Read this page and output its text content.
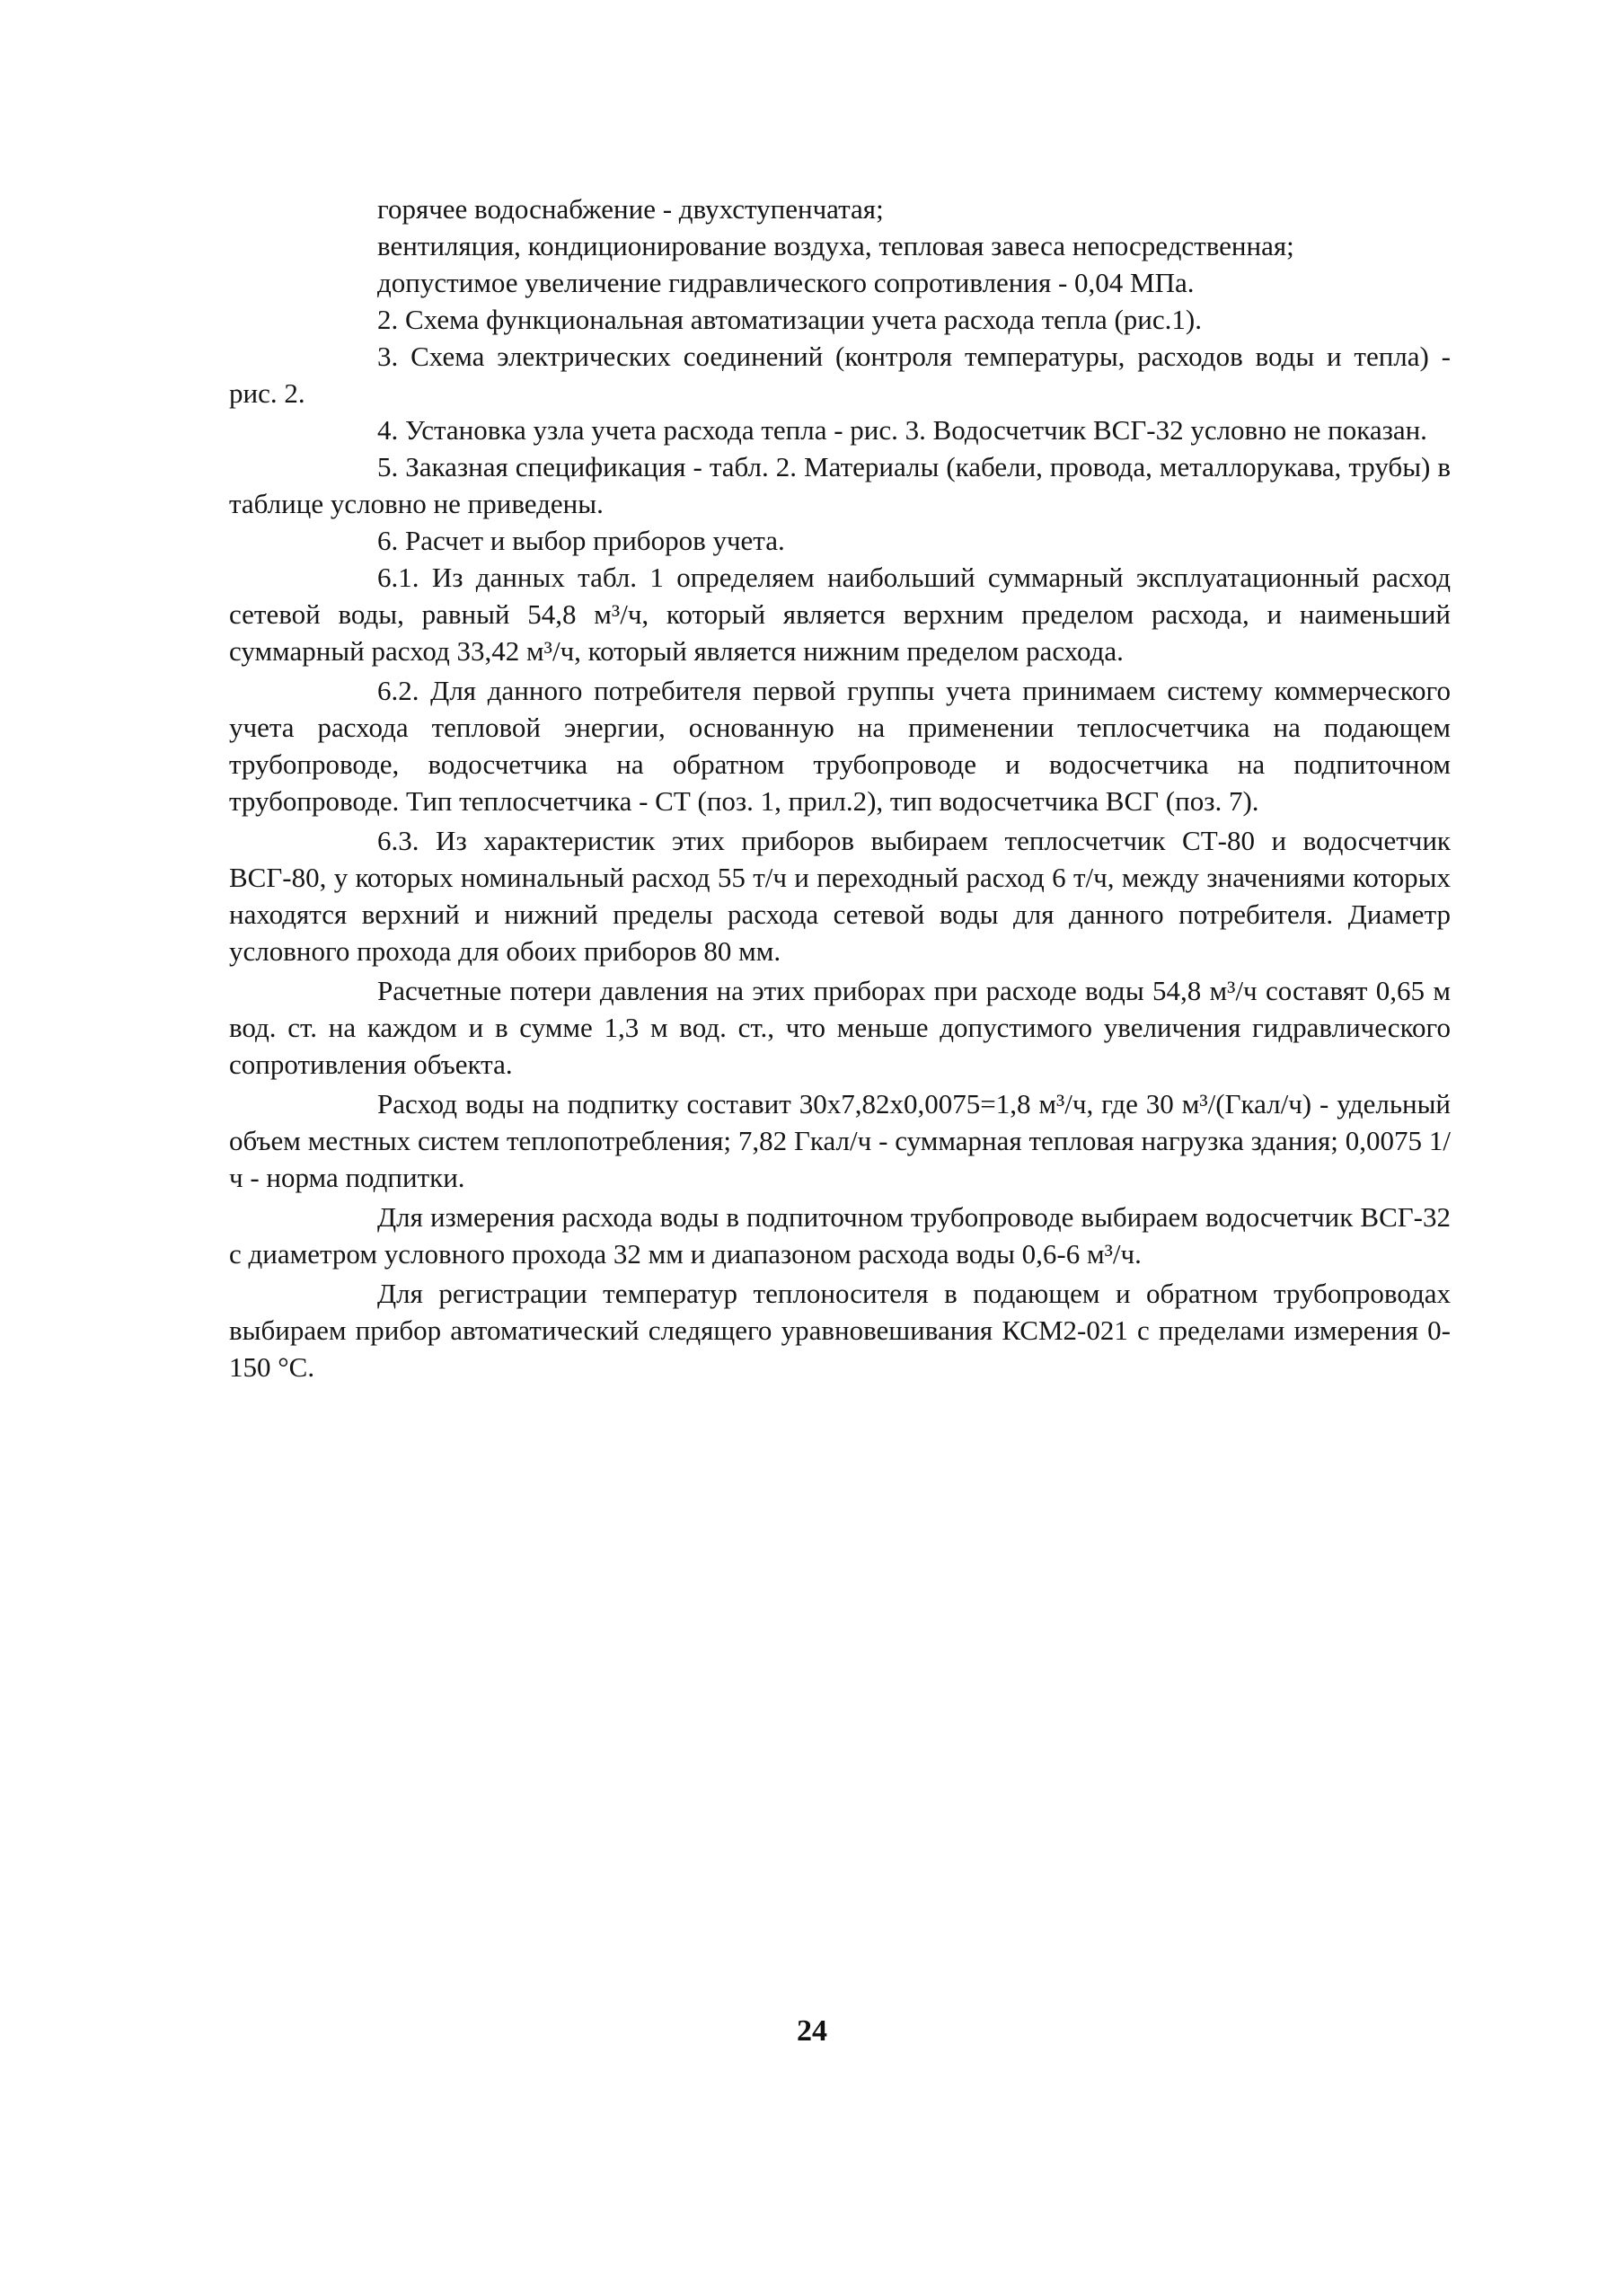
горячее водоснабжение - двухступенчатая;

вентиляция, кондиционирование воздуха, тепловая завеса непосредственная;

допустимое увеличение гидравлического сопротивления - 0,04 МПа.

2. Схема функциональная автоматизации учета расхода тепла (рис.1).

3. Схема электрических соединений (контроля температуры, расходов воды и тепла) - рис. 2.

4. Установка узла учета расхода тепла - рис. 3. Водосчетчик ВСГ-32 условно не показан.

5. Заказная спецификация - табл. 2. Материалы (кабели, провода, металлорукава, трубы) в таблице условно не приведены.

6. Расчет и выбор приборов учета.

6.1. Из данных табл. 1 определяем наибольший суммарный эксплуатационный расход сетевой воды, равный 54,8 м³/ч, который является верхним пределом расхода, и наименьший суммарный расход 33,42 м³/ч, который является нижним пределом расхода.

6.2. Для данного потребителя первой группы учета принимаем систему коммерческого учета расхода тепловой энергии, основанную на применении теплосчетчика на подающем трубопроводе, водосчетчика на обратном трубопроводе и водосчетчика на подпиточном трубопроводе. Тип теплосчетчика - СТ (поз. 1, прил.2), тип водосчетчика ВСГ (поз. 7).

6.3. Из характеристик этих приборов выбираем теплосчетчик СТ-80 и водосчетчик ВСГ-80, у которых номинальный расход 55 т/ч и переходный расход 6 т/ч, между значениями которых находятся верхний и нижний пределы расхода сетевой воды для данного потребителя. Диаметр условного прохода для обоих приборов 80 мм.

Расчетные потери давления на этих приборах при расходе воды 54,8 м³/ч составят 0,65 м вод. ст. на каждом и в сумме 1,3 м вод. ст., что меньше допустимого увеличения гидравлического сопротивления объекта.

Расход воды на подпитку составит 30х7,82х0,0075=1,8 м³/ч, где 30 м³/(Гкал/ч) - удельный объем местных систем теплопотребления; 7,82 Гкал/ч - суммарная тепловая нагрузка здания; 0,0075 1/ч - норма подпитки.

Для измерения расхода воды в подпиточном трубопроводе выбираем водосчетчик ВСГ-32 с диаметром условного прохода 32 мм и диапазоном расхода воды 0,6-6 м³/ч.

Для регистрации температур теплоносителя в подающем и обратном трубопроводах выбираем прибор автоматический следящего уравновешивания КСМ2-021 с пределами измерения 0-150 °С.

24
